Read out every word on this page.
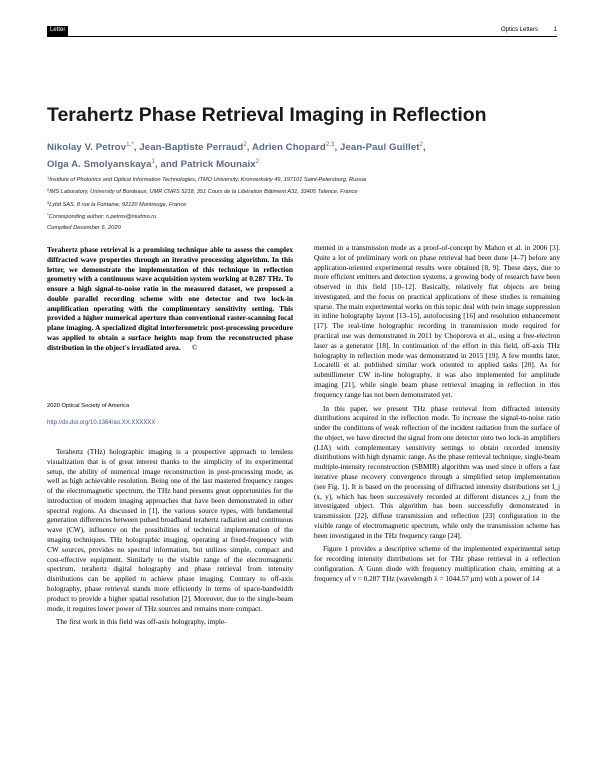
Letter	Optics Letters	1
Terahertz Phase Retrieval Imaging in Reflection
Nikolay V. Petrov$^{1,*}$, Jean-Baptiste Perraud$^2$, Adrien Chopard$^{2,3}$, Jean-Paul Guillet$^2$,
Olga A. Smolyanskaya$^1$, and Patrick Mounaix$^2$
$^1$Institute of Photonics and Optical Information Technologies, ITMO University, Kronverkskiy 49, 197101 Saint-Petersburg, Russia
$^2$IMS Laboratory, University of Bordeaux, UMR CNRS 5218, 351 Cours de la Libération Bâtiment A31, 33405 Talence, France
$^3$Lytid SAS, 8 rue la Fontaine, 92120 Montrouge, France
*Corresponding author: n.petrov@niuitmo.ru
Compiled December 6, 2020
Terahertz phase retrieval is a promising technique able to assess the complex diffracted wave properties through an iterative processing algorithm. In this letter, we demonstrate the implementation of this technique in reflection geometry with a continuous wave acquisition system working at 0.287 THz. To ensure a high signal-to-noise ratio in the measured dataset, we proposed a double parallel recording scheme with one detector and two lock-in amplification operating with the complimentary sensitivity setting. This provided a higher numerical aperture than conventional raster-scanning focal plane imaging. A specialized digital interferometric post-processing procedure was applied to obtain a surface heights map from the reconstructed phase distribution in the object's irradiated area. ©
2020 Optical Society of America
http://dx.doi.org/10.1364/ao.XX.XXXXXX

Terahertz (THz) holographic imaging is a prospective approach to lensless visualization that is of great interest thanks to the simplicity of its experimental setup, the ability of numerical image reconstruction in post-processing mode, as well as high achievable resolution. Being one of the last mastered frequency ranges of the electromagnetic spectrum, the THz band presents great opportunities for the introduction of modern imaging approaches that have been demonstrated in other spectral regions. As discussed in [1], the various source types, with fundamental generation differences between pulsed broadband terahertz radiation and continuous wave (CW), influence on the possibilities of technical implementation of the imaging techniques. THz holographic imaging, operating at fixed-frequency with CW sources, provides no spectral information, but utilizes simple, compact and cost-effective equipment. Similarly to the visible range of the electromagnetic spectrum, terahertz digital holography and phase retrieval from intensity distributions can be applied to achieve phase imaging. Contrary to off-axis holography, phase retrieval stands more efficiently in terms of space-bandwidth product to provide a higher spatial resolution [2]. Moreover, due to the single-beam mode, it requires lower power of THz sources and remains more compact.

The first work in this field was off-axis holography, imple-

mented in a transmission mode as a proof-of-concept by Mahon et al. in 2006 [3]. Quite a lot of preliminary work on phase retrieval had been done [4–7] before any application-oriented experimental results were obtained [8, 9]. These days, due to more efficient emitters and detection systems, a growing body of research have been observed in this field [10–12]. Basically, relatively flat objects are being investigated, and the focus on practical applications of these studies is remaining sparse. The main experimental works on this topic deal with twin image suppression in inline holography layout [13–15], autofocusing [16] and resolution enhancement [17]. The real-time holographic recording in transmission mode required for practical use was demonstrated in 2011 by Choporova et al., using a free-electron laser as a generator [18]. In continuation of the effort in this field, off-axis THz holography in reflection mode was demonstrated in 2015 [19]. A few months later, Locatelli et al. published similar work oriented to applied tasks [20]. As for submillimeter CW in-line holography, it was also implemented for amplitude imaging [21], while single beam phase retrieval imaging in reflection in this frequency range has not been demonstrated yet.

In this paper, we present THz phase retrieval from diffracted intensity distributions acquired in the reflection mode. To increase the signal-to-noise ratio under the conditions of weak reflection of the incident radiation from the surface of the object, we have directed the signal from one detector onto two lock-in amplifiers (LIA) with complementary sensitivity settings to obtain recorded intensity distributions with high dynamic range. As the phase retrieval technique, single-beam multiple-intensity reconstruction (SBMIR) algorithm was used since it offers a fast iterative phase recovery convergence through a simplified setup implementation (see Fig. 1). It is based on the processing of diffracted intensity distributions set I_j (x, y), which has been successively recorded at different distances z_j from the investigated object. This algorithm has been successfully demonstrated in transmission [22], diffuse transmission and reflection [23] configuration in the visible range of electromagnetic spectrum, while only the transmission scheme has been investigated in the THz frequency range [24].

Figure 1 provides a descriptive scheme of the implemented experimental setup for recording intensity distributions set for THz phase retrieval in a reflection configuration. A Gunn diode with frequency multiplication chain, emitting at a frequency of ν = 0.287 THz (wavelength λ = 1044.57 μm) with a power of 14
